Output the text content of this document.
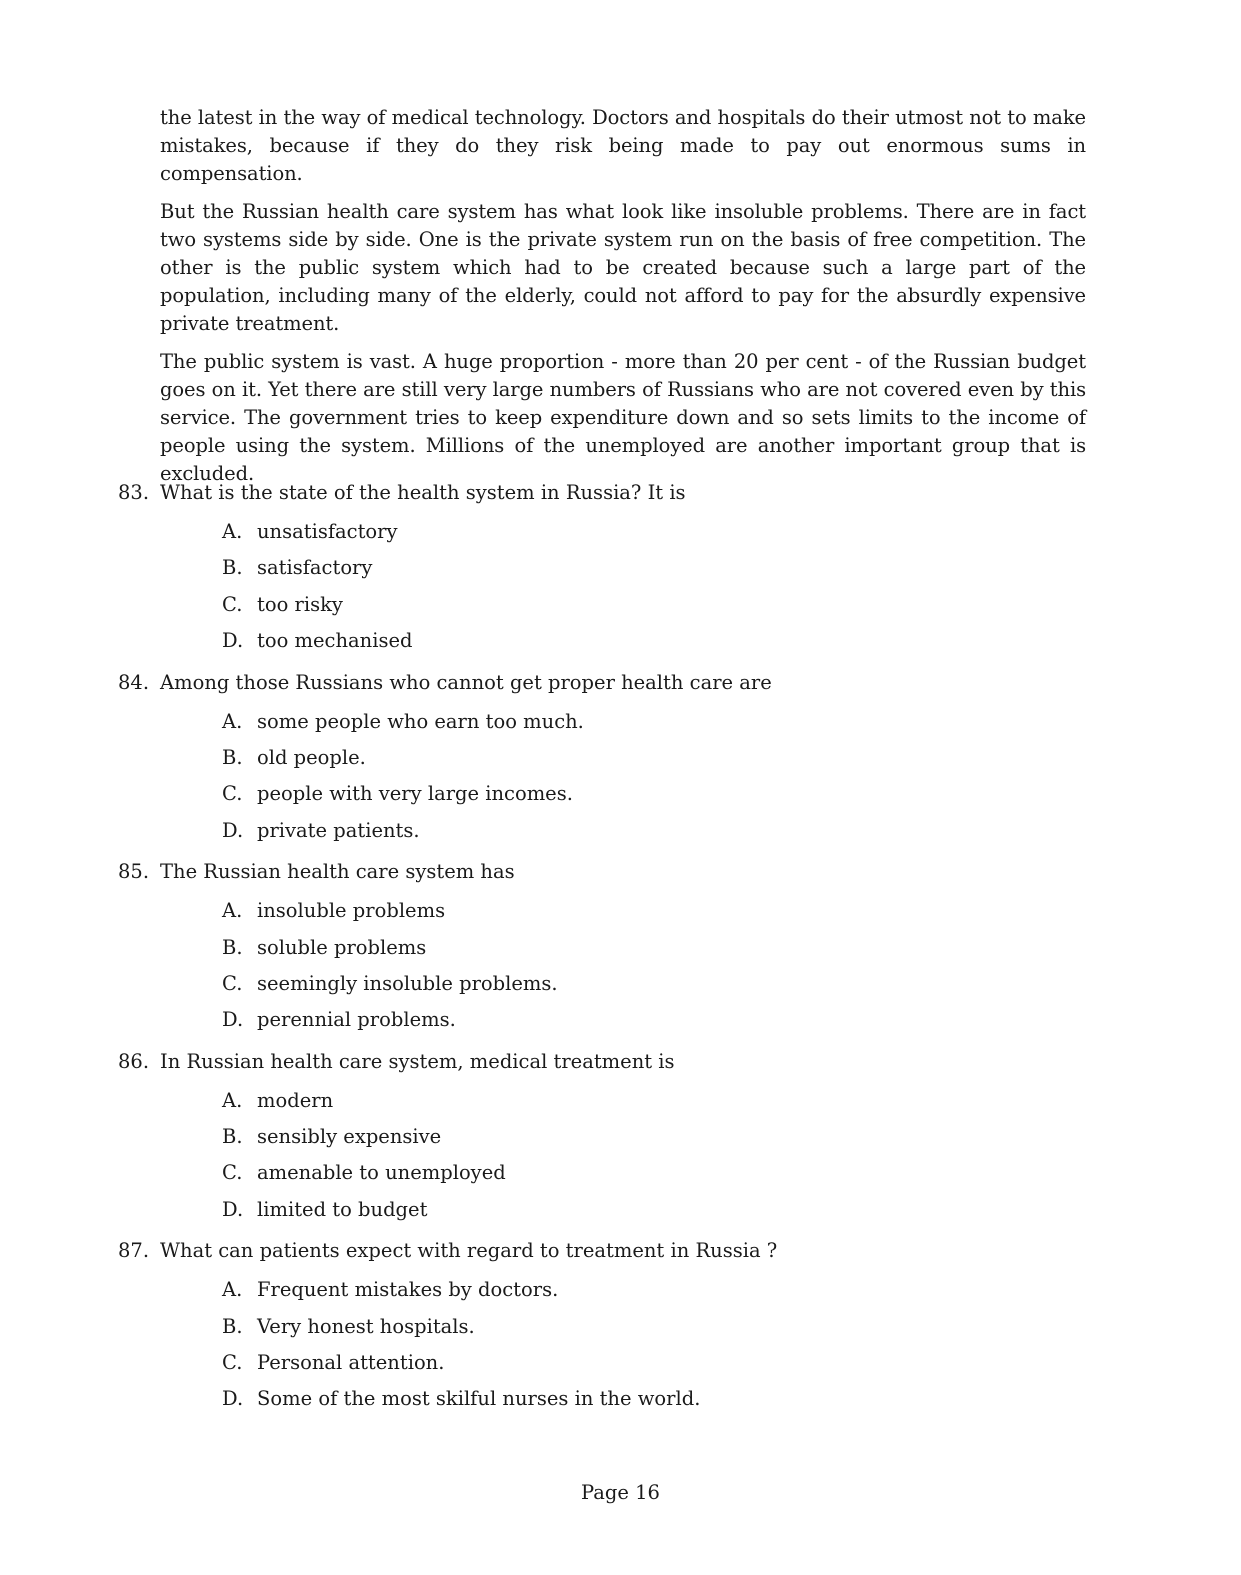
the latest in the way of medical technology. Doctors and hospitals do their utmost not to make mistakes, because if they do they risk being made to pay out enormous sums in compensation.

But the Russian health care system has what look like insoluble problems. There are in fact two systems side by side. One is the private system run on the basis of free competition. The other is the public system which had to be created because such a large part of the population, including many of the elderly, could not afford to pay for the absurdly expensive private treatment.

The public system is vast. A huge proportion - more than 20 per cent - of the Russian budget goes on it. Yet there are still very large numbers of Russians who are not covered even by this service. The government tries to keep expenditure down and so sets limits to the income of people using the system. Millions of the unemployed are another important group that is excluded.

83. What is the state of the health system in Russia? It is
A. unsatisfactory
B. satisfactory
C. too risky
D. too mechanised
84. Among those Russians who cannot get proper health care are
A. some people who earn too much.
B. old people.
C. people with very large incomes.
D. private patients.
85. The Russian health care system has
A. insoluble problems
B. soluble problems
C. seemingly insoluble problems.
D. perennial problems.
86. In Russian health care system, medical treatment is
A. modern
B. sensibly expensive
C. amenable to unemployed
D. limited to budget
87. What can patients expect with regard to treatment in Russia ?
A. Frequent mistakes by doctors.
B. Very honest hospitals.
C. Personal attention.
D. Some of the most skilful nurses in the world.
Page 16
